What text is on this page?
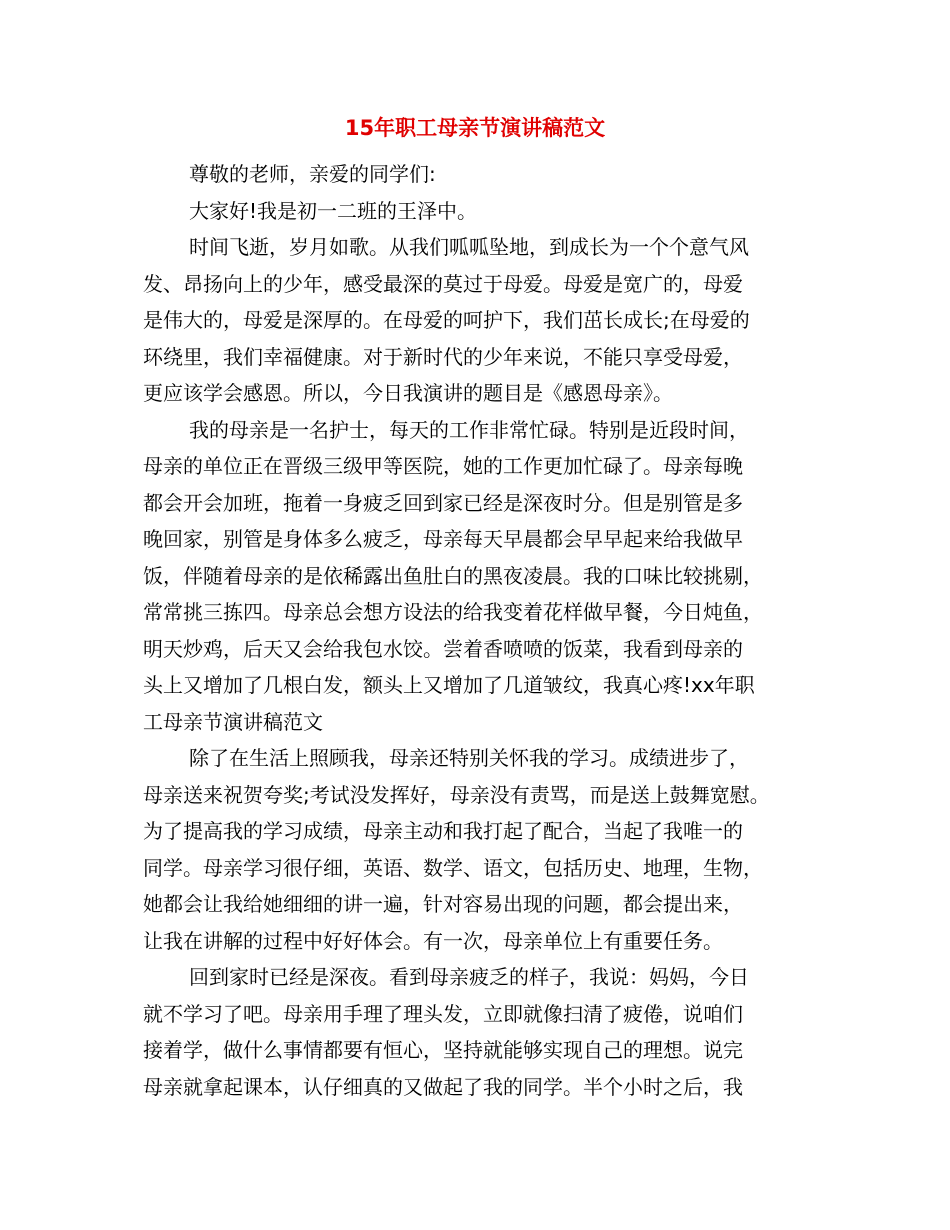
15年职工母亲节演讲稿范文
尊敬的老师，亲爱的同学们:
大家好!我是初一二班的王泽中。
时间飞逝，岁月如歌。从我们呱呱坠地，到成长为一个个意气风
发、昂扬向上的少年，感受最深的莫过于母爱。母爱是宽广的，母爱
是伟大的，母爱是深厚的。在母爱的呵护下，我们茁长成长;在母爱的
环绕里，我们幸福健康。对于新时代的少年来说，不能只享受母爱，
更应该学会感恩。所以，今日我演讲的题目是《感恩母亲》。
我的母亲是一名护士，每天的工作非常忙碌。特别是近段时间，
母亲的单位正在晋级三级甲等医院，她的工作更加忙碌了。母亲每晚
都会开会加班，拖着一身疲乏回到家已经是深夜时分。但是别管是多
晚回家，别管是身体多么疲乏，母亲每天早晨都会早早起来给我做早
饭，伴随着母亲的是依稀露出鱼肚白的黑夜凌晨。我的口味比较挑剔，
常常挑三拣四。母亲总会想方设法的给我变着花样做早餐，今日炖鱼，
明天炒鸡，后天又会给我包水饺。尝着香喷喷的饭菜，我看到母亲的
头上又增加了几根白发，额头上又增加了几道皱纹，我真心疼!xx年职
工母亲节演讲稿范文
除了在生活上照顾我，母亲还特别关怀我的学习。成绩进步了，
母亲送来祝贺夸奖;考试没发挥好，母亲没有责骂，而是送上鼓舞宽慰。
为了提高我的学习成绩，母亲主动和我打起了配合，当起了我唯一的
同学。母亲学习很仔细，英语、数学、语文，包括历史、地理，生物，
她都会让我给她细细的讲一遍，针对容易出现的问题，都会提出来，
让我在讲解的过程中好好体会。有一次，母亲单位上有重要任务。
回到家时已经是深夜。看到母亲疲乏的样子，我说：妈妈，今日
就不学习了吧。母亲用手理了理头发，立即就像扫清了疲倦，说咱们
接着学，做什么事情都要有恒心，坚持就能够实现自己的理想。说完
母亲就拿起课本，认仔细真的又做起了我的同学。半个小时之后，我
